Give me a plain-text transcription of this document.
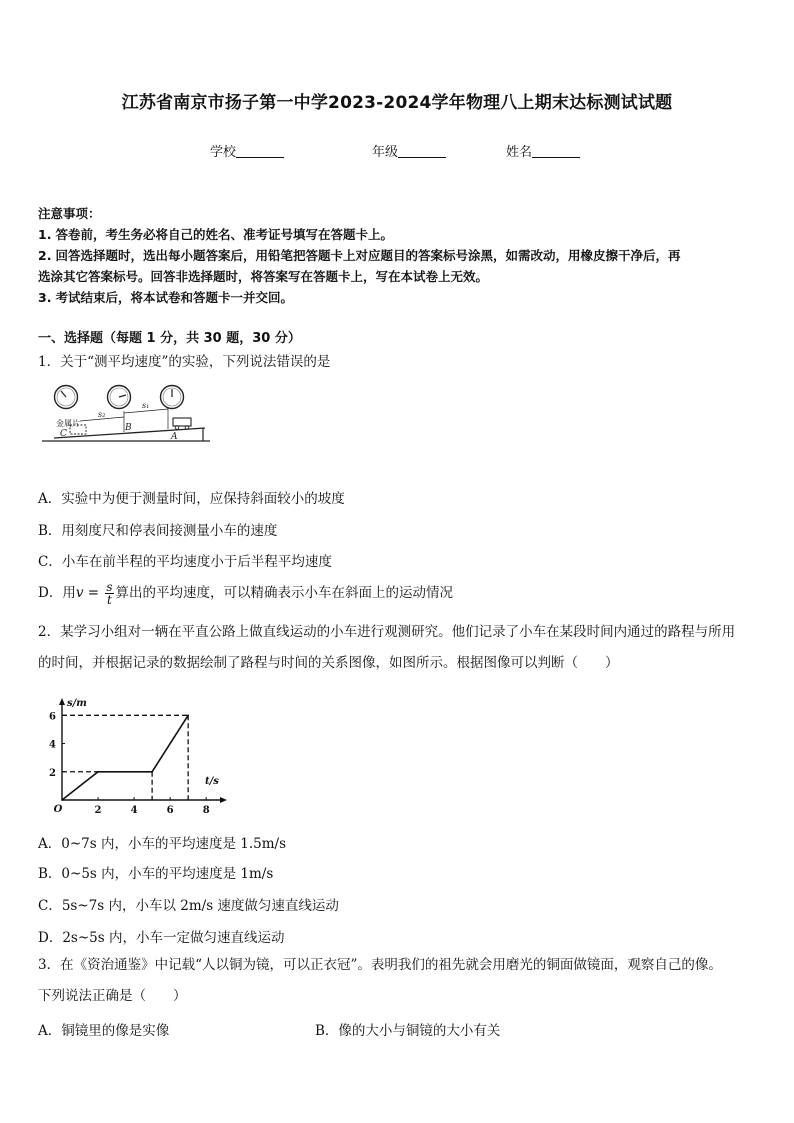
江苏省南京市扬子第一中学2023-2024学年物理八上期末达标测试试题
学校	年级	姓名
注意事项：
1. 答卷前，考生务必将自己的姓名、准考证号填写在答题卡上。
2. 回答选择题时，选出每小题答案后，用铅笔把答题卡上对应题目的答案标号涂黑，如需改动，用橡皮擦干净后，再
选涂其它答案标号。回答非选择题时，将答案写在答题卡上，写在本试卷上无效。
3. 考试结束后，将本试卷和答题卡一并交回。
一、选择题（每题 1 分，共 30 题，30 分）
1．关于“测平均速度”的实验，下列说法错误的是
金属片
s₁
s₂
C
B
A
A．实验中为便于测量时间，应保持斜面较小的坡度
B．用刻度尺和停表间接测量小车的速度
C．小车在前半程的平均速度小于后半程平均速度
D．用$v = \frac{s}{t}$ 算出的平均速度，可以精确表示小车在斜面上的运动情况
2．某学习小组对一辆在平直公路上做直线运动的小车进行观测研究。他们记录了小车在某段时间内通过的路程与所用
的时间，并根据记录的数据绘制了路程与时间的关系图像，如图所示。根据图像可以判断（　　）
s/m
t/s
O	2	4	6	8
2
4
6
A．0~7s 内，小车的平均速度是 1.5m/s
B．0~5s 内，小车的平均速度是 1m/s
C．5s~7s 内，小车以 2m/s 速度做匀速直线运动
D．2s~5s 内，小车一定做匀速直线运动
3．在《资治通鉴》中记载“人以铜为镜，可以正衣冠”。表明我们的祖先就会用磨光的铜面做镜面，观察自己的像。
下列说法正确是（　　）
A．铜镜里的像是实像	B．像的大小与铜镜的大小有关
